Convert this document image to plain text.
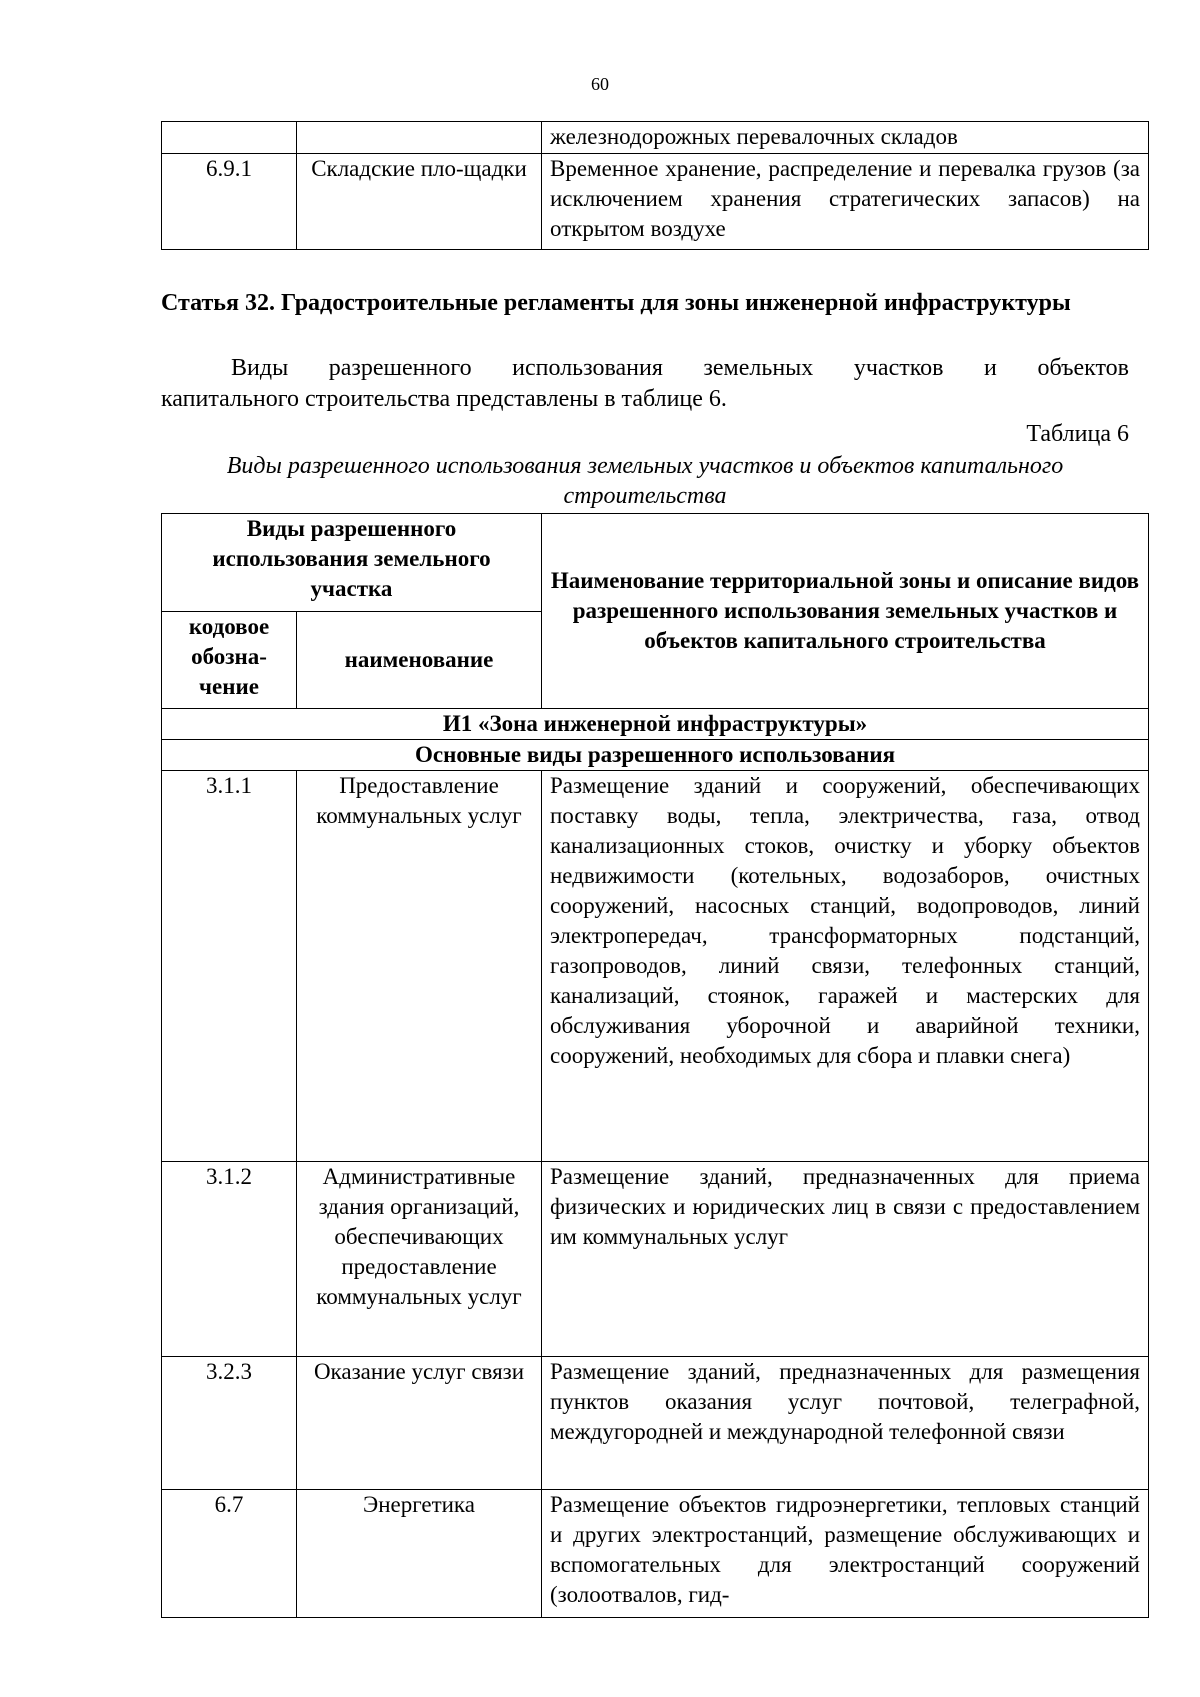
60
		железнодорожных перевалочных складов
6.9.1	Складские пло-щадки	Временное хранение, распределение и перевалка грузов (за исключением хранения стратегических запасов) на открытом воздухе
Статья 32. Градостроительные регламенты для зоны инженерной инфраструктуры
Виды разрешенного использования земельных участков и объектов
капитального строительства представлены в таблице 6.
Таблица 6
Виды разрешенного использования земельных участков и объектов капитального строительства
Виды разрешенного использования земельного участка		Наименование территориальной зоны и описание видов разрешенного использования земельных участков и объектов капитального строительства
кодовое обозна-чение	наименование	
И1 «Зона инженерной инфраструктуры»		
Основные виды разрешенного использования		
3.1.1	Предоставление коммунальных услуг	Размещение зданий и сооружений, обеспечивающих поставку воды, тепла, электричества, газа, отвод канализационных стоков, очистку и уборку объектов недвижимости (котельных, водозаборов, очистных сооружений, насосных станций, водопроводов, линий электропередач, трансформаторных подстанций, газопроводов, линий связи, телефонных станций, канализаций, стоянок, гаражей и мастерских для обслуживания уборочной и аварийной техники, сооружений, необходимых для сбора и плавки снега)
3.1.2	Административные здания организаций, обеспечивающих предоставление коммунальных услуг	Размещение зданий, предназначенных для приема физических и юридических лиц в связи с предоставлением им коммунальных услуг
3.2.3	Оказание услуг связи	Размещение зданий, предназначенных для размещения пунктов оказания услуг почтовой, телеграфной, междугородней и международной телефонной связи
6.7	Энергетика	Размещение объектов гидроэнергетики, тепловых станций и других электростанций, размещение обслуживающих и вспомогательных для электростанций сооружений (золоотвалов, гид-
